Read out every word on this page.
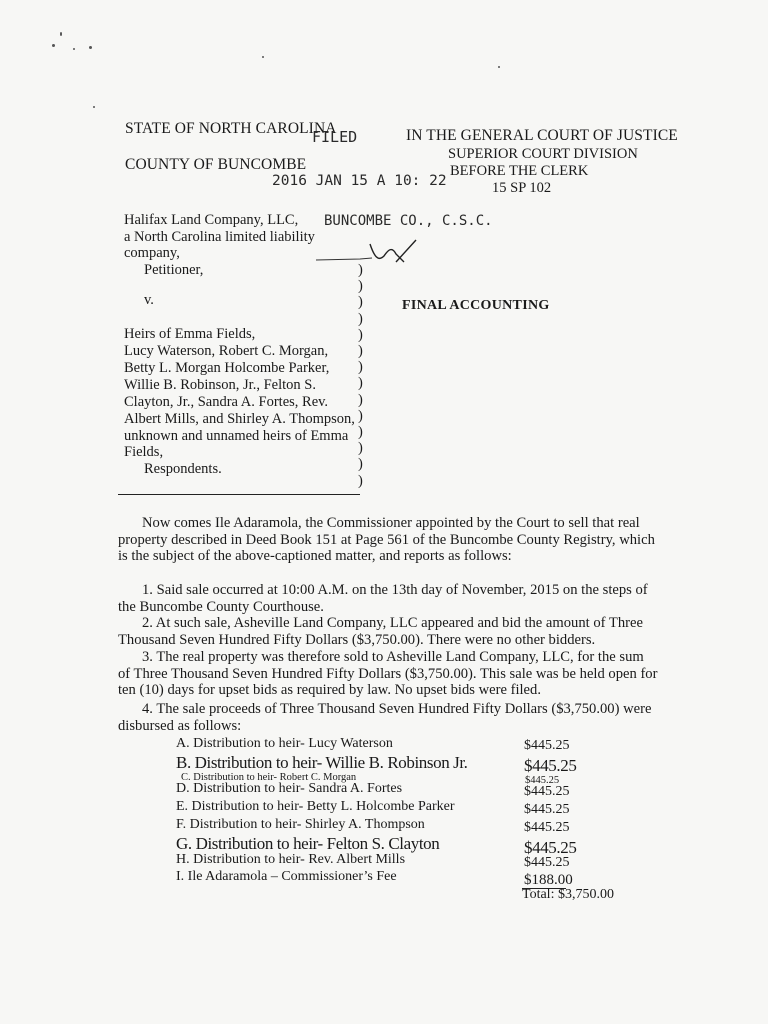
STATE OF NORTH CAROLINA
COUNTY OF BUNCOMBE
IN THE GENERAL COURT OF JUSTICE
SUPERIOR COURT DIVISION
BEFORE THE CLERK
15 SP 102
FILED
2016 JAN 15 A 10: 22
BUNCOMBE CO., C.S.C.
Halifax Land Company, LLC,
a North Carolina limited liability
company,
Petitioner,
v.
Heirs of Emma Fields,
Lucy Waterson, Robert C. Morgan,
Betty L. Morgan Holcombe Parker,
Willie B. Robinson, Jr., Felton S.
Clayton, Jr., Sandra A. Fortes, Rev.
Albert Mills, and Shirley A. Thompson,
unknown and unnamed heirs of Emma
Fields,
Respondents.
)
)
)
)
)
)
)
)
)
)
)
)
)
)
FINAL ACCOUNTING
Now comes Ile Adaramola, the Commissioner appointed by the Court to sell that real property described in Deed Book 151 at Page 561 of the Buncombe County Registry, which is the subject of the above-captioned matter, and reports as follows:
1. Said sale occurred at 10:00 A.M. on the 13th day of November, 2015 on the steps of the Buncombe County Courthouse.
2. At such sale, Asheville Land Company, LLC appeared and bid the amount of Three Thousand Seven Hundred Fifty Dollars ($3,750.00). There were no other bidders.
3. The real property was therefore sold to Asheville Land Company, LLC, for the sum of Three Thousand Seven Hundred Fifty Dollars ($3,750.00). This sale was be held open for ten (10) days for upset bids as required by law. No upset bids were filed.
4. The sale proceeds of Three Thousand Seven Hundred Fifty Dollars ($3,750.00) were disbursed as follows:
A. Distribution to heir- Lucy Waterson	$445.25
B. Distribution to heir- Willie B. Robinson Jr.	$445.25
C. Distribution to heir- Robert C. Morgan	$445.25
D. Distribution to heir- Sandra A. Fortes	$445.25
E. Distribution to heir- Betty L. Holcombe Parker	$445.25
F. Distribution to heir- Shirley A. Thompson	$445.25
G. Distribution to heir- Felton S. Clayton	$445.25
H. Distribution to heir- Rev. Albert Mills	$445.25
I. Ile Adaramola – Commissioner’s Fee	$188.00
Total: $3,750.00
